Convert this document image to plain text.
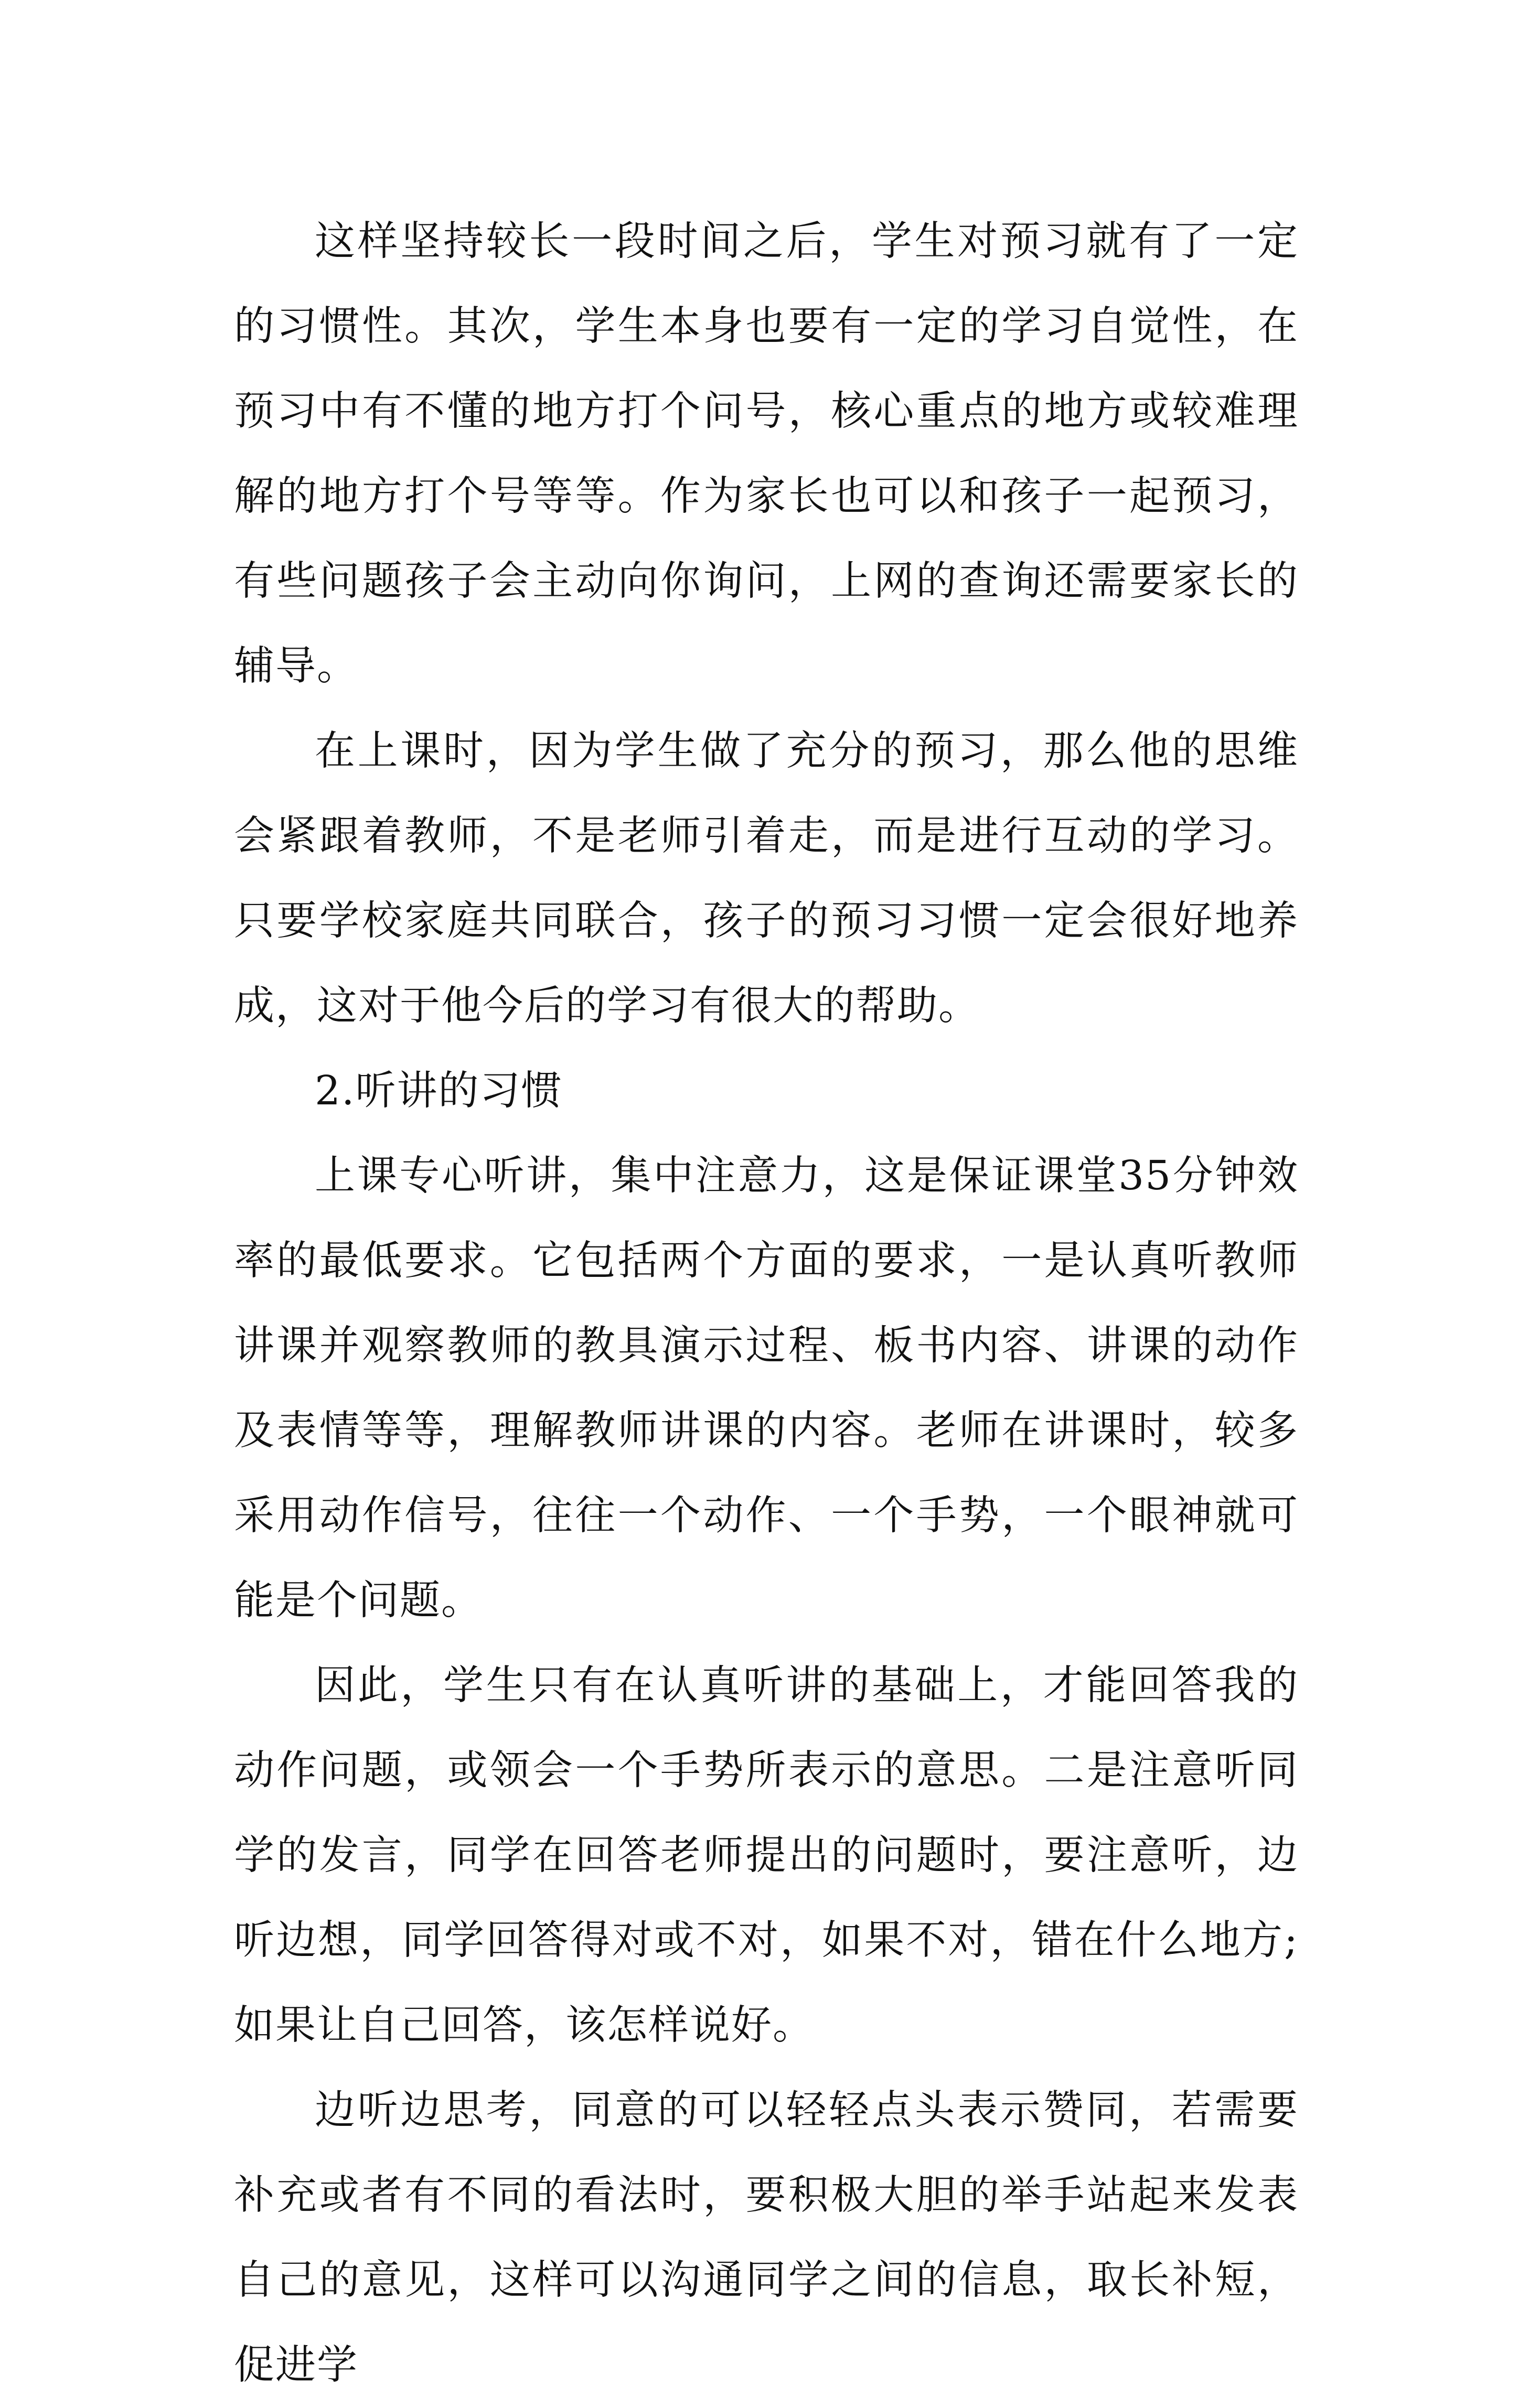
这样坚持较长一段时间之后，学生对预习就有了一定的习惯性。其次，学生本身也要有一定的学习自觉性，在预习中有不懂的地方打个问号，核心重点的地方或较难理解的地方打个号等等。作为家长也可以和孩子一起预习，有些问题孩子会主动向你询问，上网的查询还需要家长的辅导。

在上课时，因为学生做了充分的预习，那么他的思维会紧跟着教师，不是老师引着走，而是进行互动的学习。只要学校家庭共同联合，孩子的预习习惯一定会很好地养成，这对于他今后的学习有很大的帮助。

2.听讲的习惯

上课专心听讲，集中注意力，这是保证课堂35分钟效率的最低要求。它包括两个方面的要求，一是认真听教师讲课并观察教师的教具演示过程、板书内容、讲课的动作及表情等等，理解教师讲课的内容。老师在讲课时，较多采用动作信号，往往一个动作、一个手势，一个眼神就可能是个问题。

因此，学生只有在认真听讲的基础上，才能回答我的动作问题，或领会一个手势所表示的意思。二是注意听同学的发言，同学在回答老师提出的问题时，要注意听，边听边想，同学回答得对或不对，如果不对，错在什么地方;如果让自己回答，该怎样说好。

边听边思考，同意的可以轻轻点头表示赞同，若需要补充或者有不同的看法时，要积极大胆的举手站起来发表自己的意见，这样可以沟通同学之间的信息，取长补短，促进学
